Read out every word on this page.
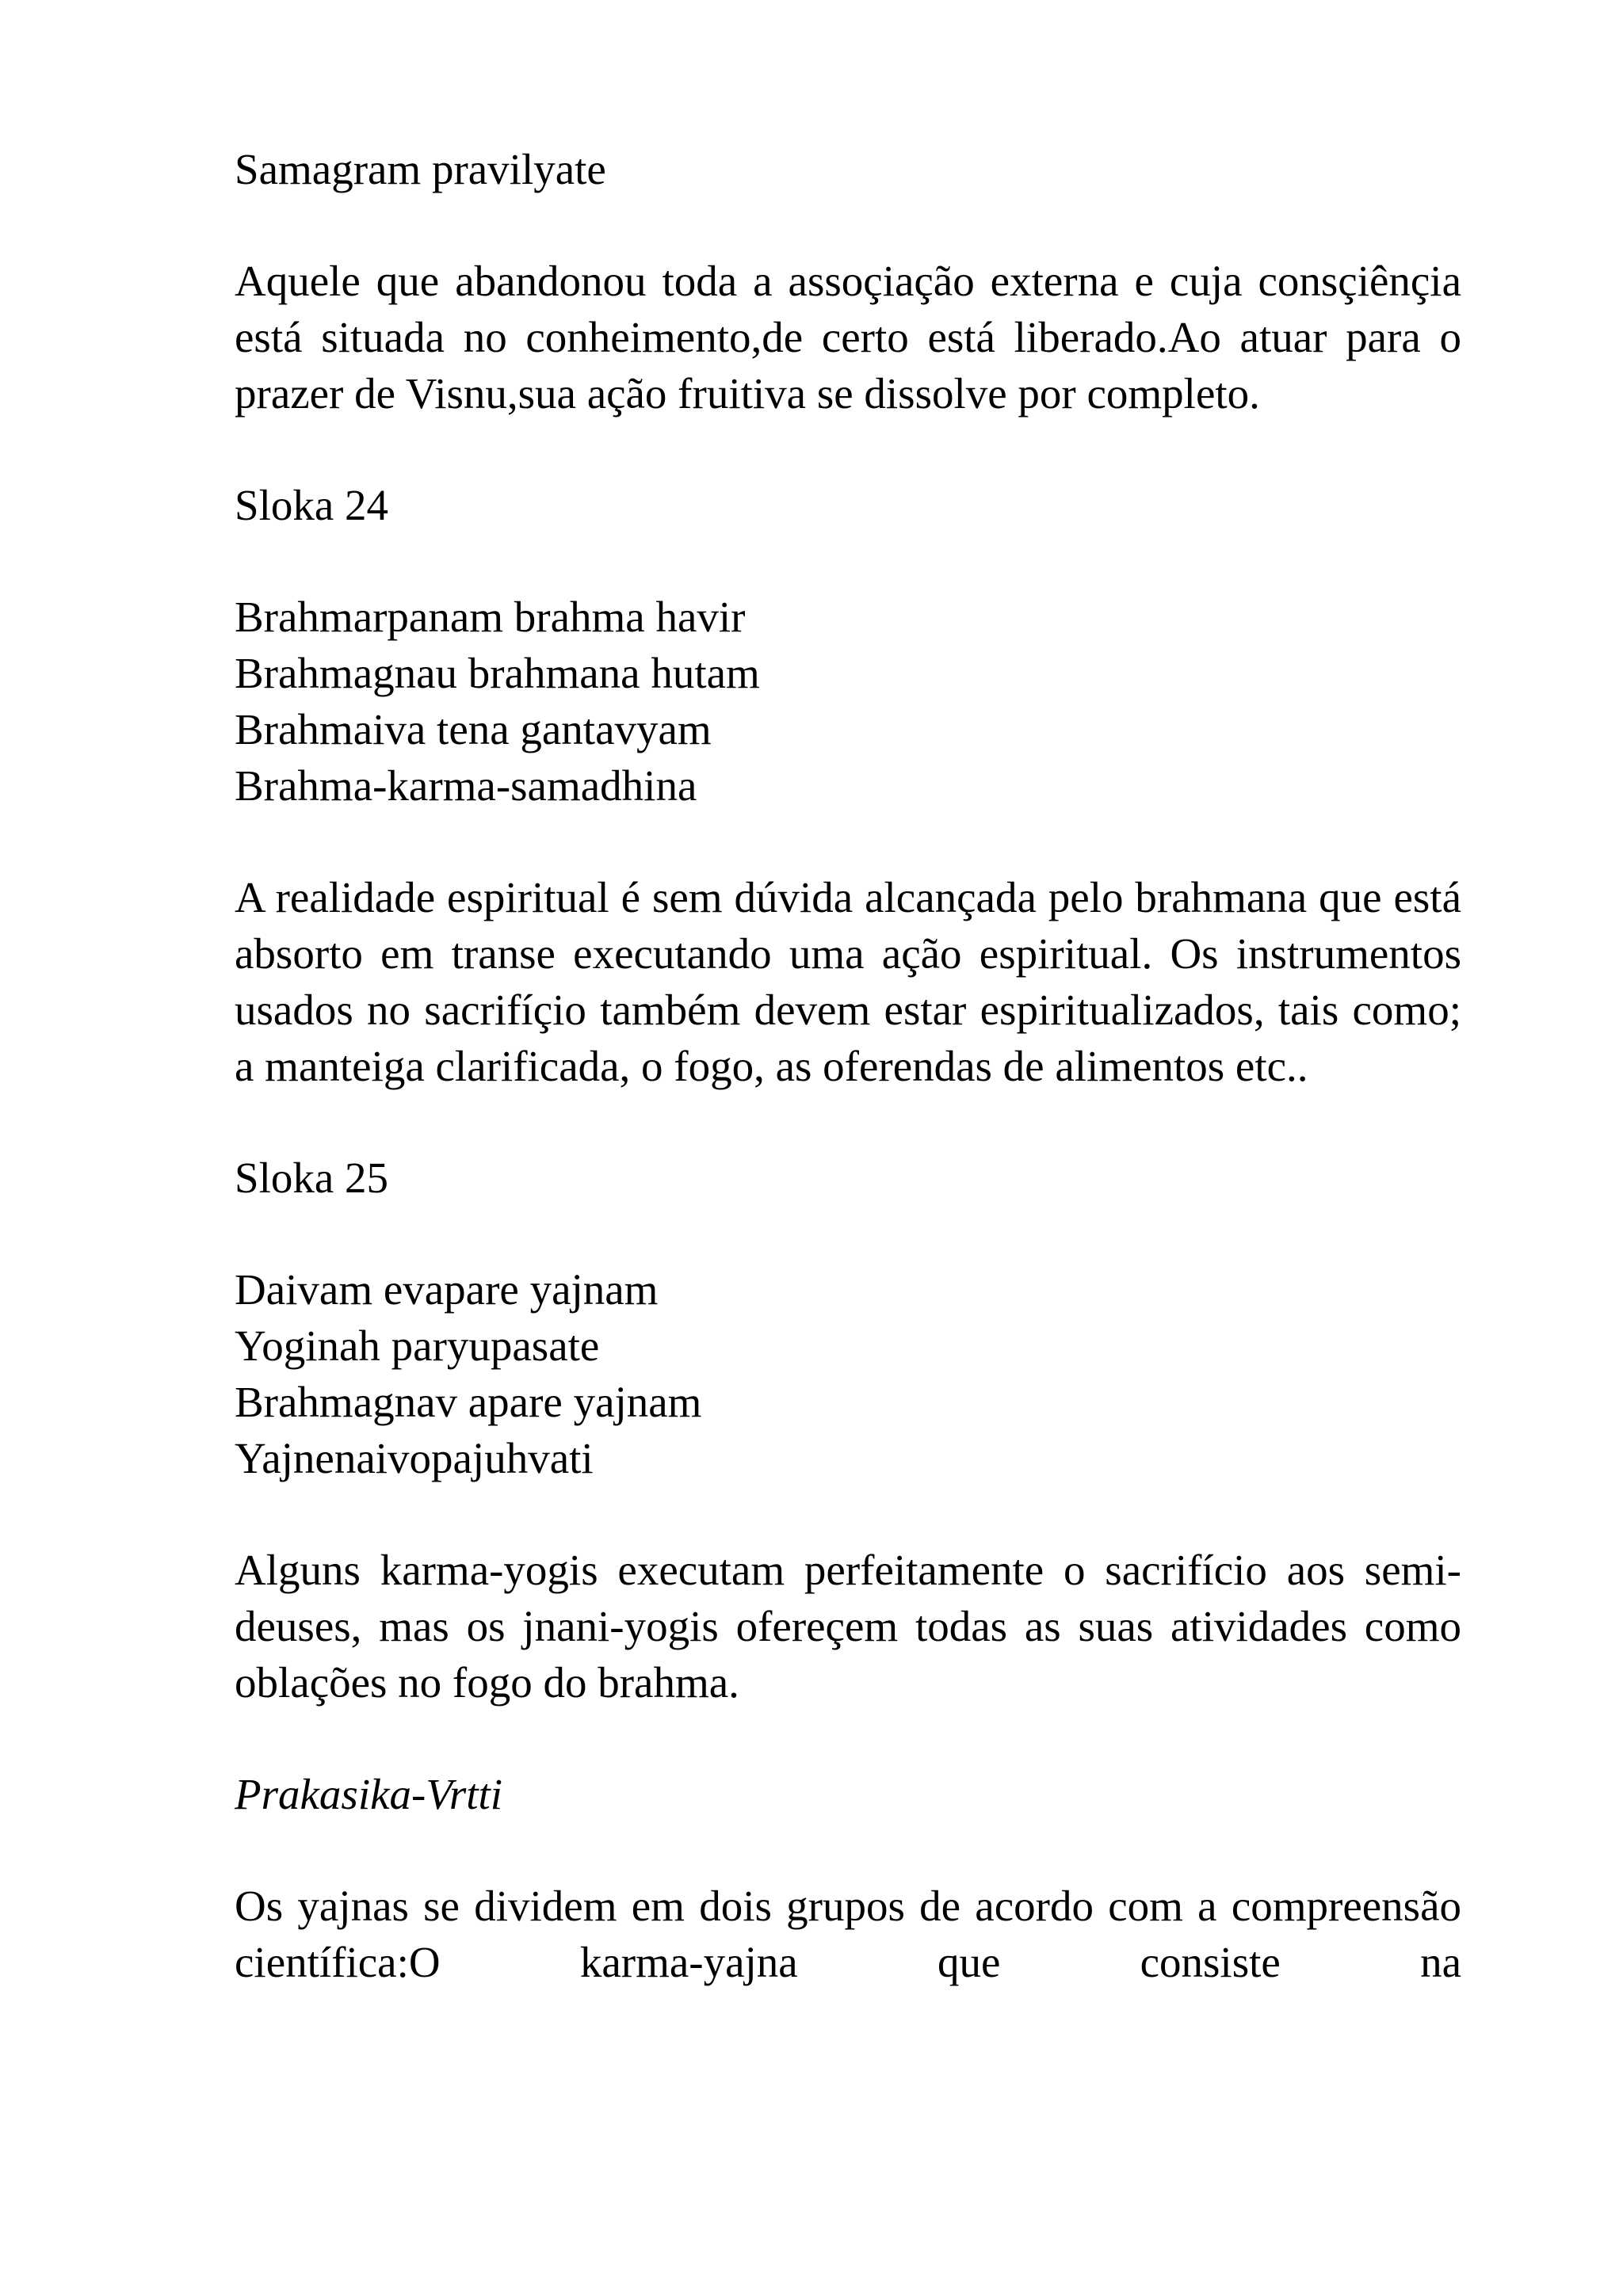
Samagram pravilyate

Aquele que abandonou toda a assoçiação externa e cuja consçiênçia está situada no conheimento,de certo está liberado.Ao atuar para o prazer de Visnu,sua ação fruitiva se dissolve por completo.

Sloka 24

Brahmarpanam brahma havir
Brahmagnau brahmana hutam
Brahmaiva tena gantavyam
Brahma-karma-samadhina

A realidade espiritual é sem dúvida alcançada pelo brahmana que está absorto em transe executando uma ação espiritual. Os instrumentos usados no sacrifíçio também devem estar espiritualizados, tais como; a manteiga clarificada, o fogo, as oferendas de alimentos etc..

Sloka 25

Daivam evapare yajnam
Yoginah paryupasate
Brahmagnav apare yajnam
Yajnenaivopajuhvati

Alguns karma-yogis executam perfeitamente o sacrifício aos semi-deuses, mas os jnani-yogis ofereçem todas as suas atividades como oblações no fogo do brahma.

Prakasika-Vrtti

Os yajnas se dividem em dois grupos de acordo com a compreensão científica:O karma-yajna que consiste na
